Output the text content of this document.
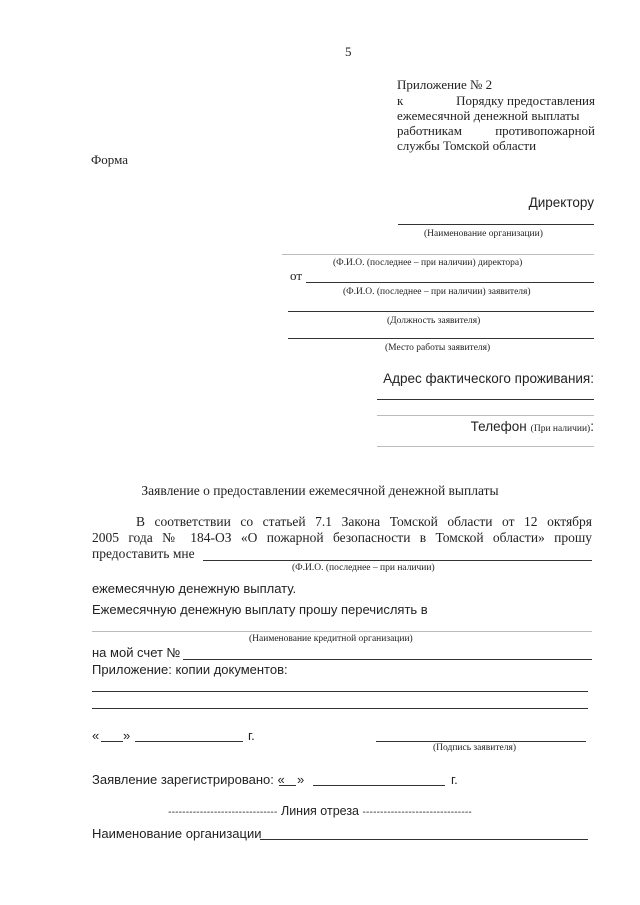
5
Приложение № 2
к	Порядку предоставления
ежемесячной денежной выплаты
работникам	противопожарной
службы Томской области
Форма
Директору
(Наименование организации)
(Ф.И.О. (последнее – при наличии) директора)
от
(Ф.И.О. (последнее – при наличии) заявителя)
(Должность заявителя)
(Место работы заявителя)
Адрес фактического проживания:
Телефон (При наличии):
Заявление о предоставлении ежемесячной денежной выплаты
В соответствии со статьей 7.1 Закона Томской области от 12 октября
2005 года № 184-ОЗ «О пожарной безопасности в Томской области» прошу
предоставить мне
(Ф.И.О. (последнее – при наличии)
ежемесячную денежную выплату.
Ежемесячную денежную выплату прошу перечислять в
(Наименование кредитной организации)
на мой счет №
Приложение: копии документов:
« »	г.
(Подпись заявителя)
Заявление зарегистрировано: « »	г.
------------------------------- Линия отреза -------------------------------
Наименование организации
